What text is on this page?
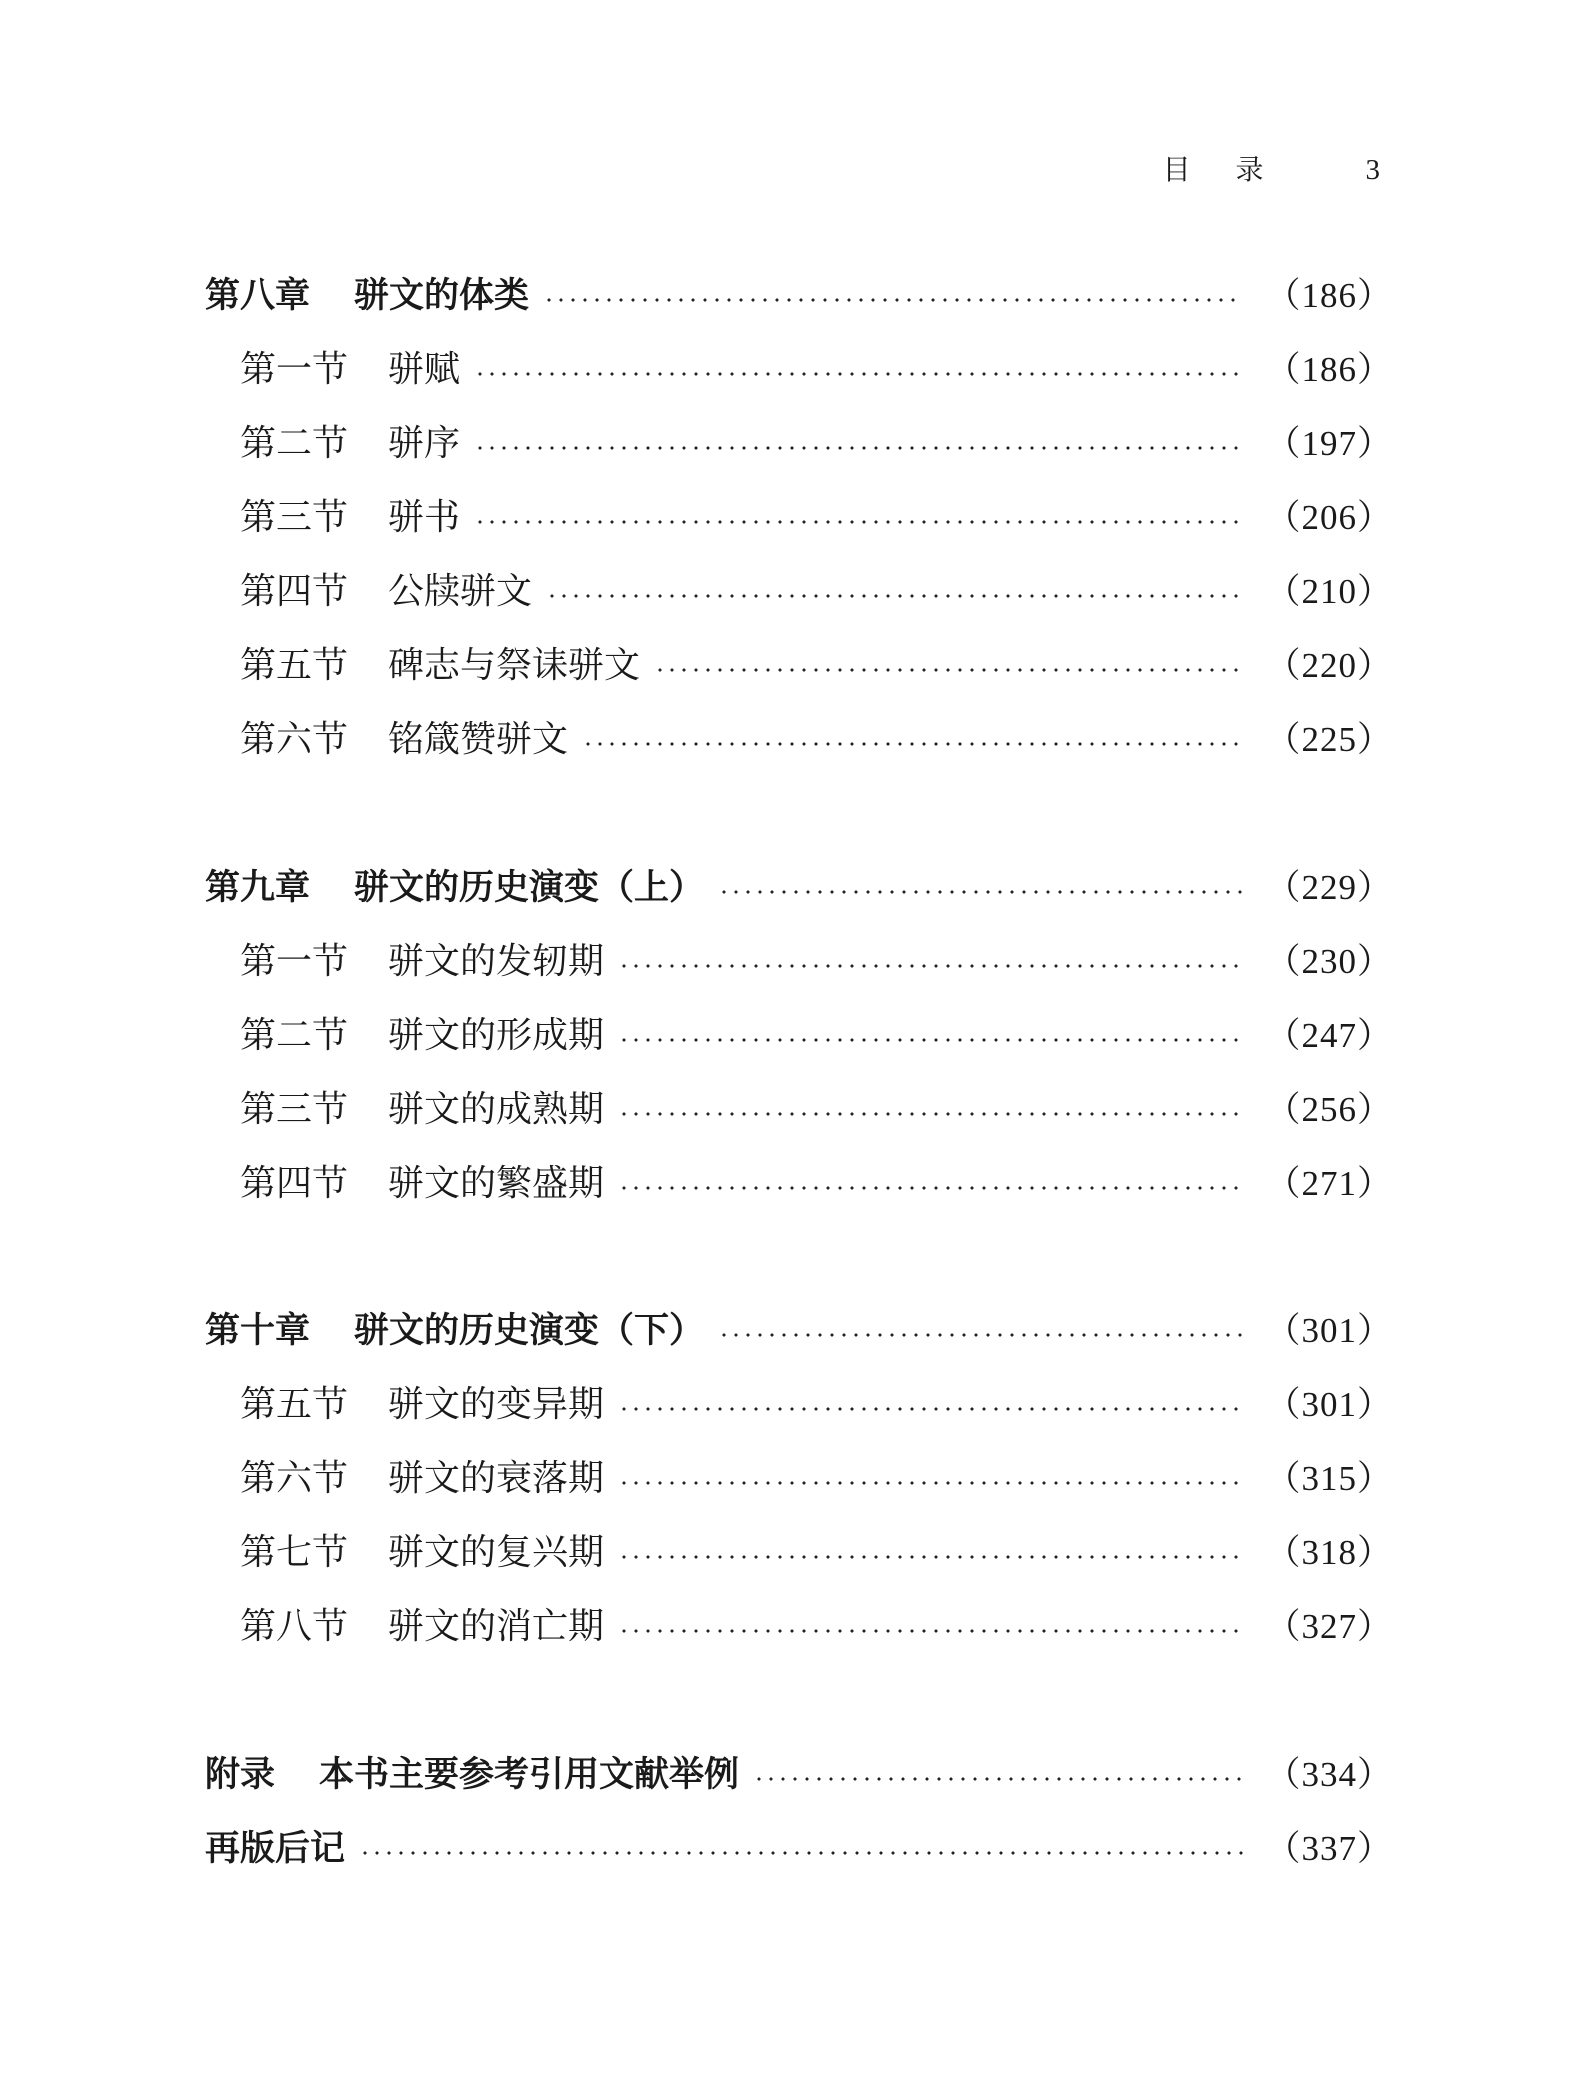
目 录	3
第八章 骈文的体类	（186）
第一节 骈赋	（186）
第二节 骈序	（197）
第三节 骈书	（206）
第四节 公牍骈文	（210）
第五节 碑志与祭诔骈文	（220）
第六节 铭箴赞骈文	（225）
第九章 骈文的历史演变（上）	（229）
第一节 骈文的发轫期	（230）
第二节 骈文的形成期	（247）
第三节 骈文的成熟期	（256）
第四节 骈文的繁盛期	（271）
第十章 骈文的历史演变（下）	（301）
第五节 骈文的变异期	（301）
第六节 骈文的衰落期	（315）
第七节 骈文的复兴期	（318）
第八节 骈文的消亡期	（327）
附录 本书主要参考引用文献举例	（334）
再版后记	（337）
